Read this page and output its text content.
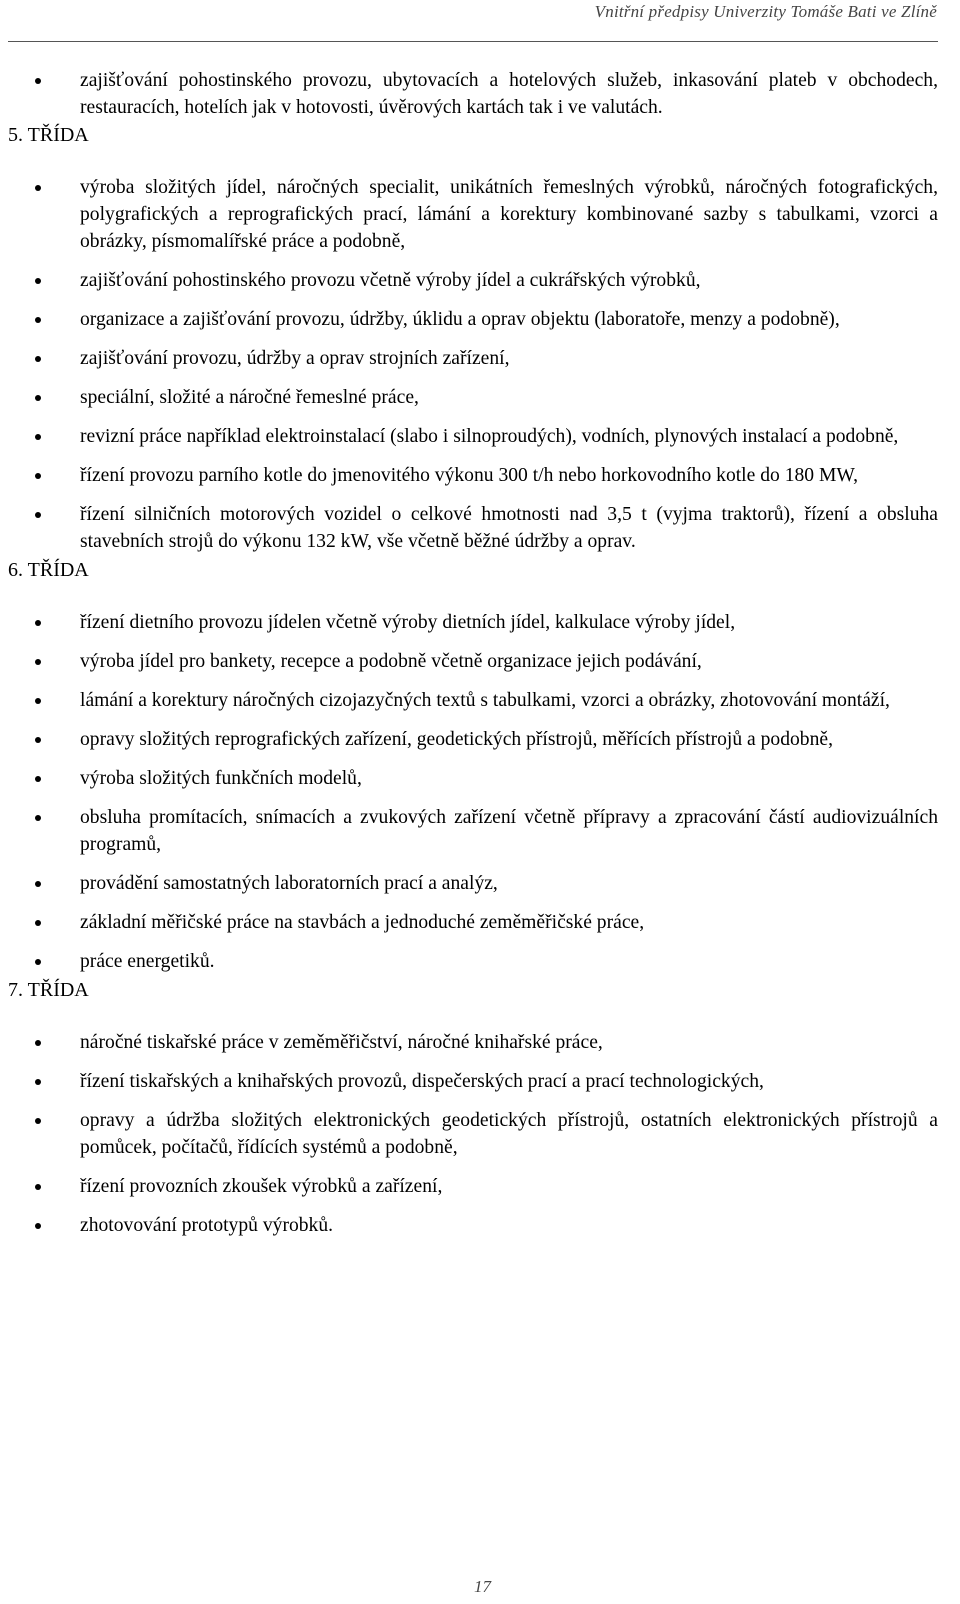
Vnitřní předpisy Univerzity Tomáše Bati ve Zlíně
zajišťování pohostinského provozu, ubytovacích a hotelových služeb, inkasování plateb v obchodech, restauracích, hotelích jak v hotovosti, úvěrových kartách tak i ve valutách.
5. TŘÍDA
výroba složitých jídel, náročných specialit, unikátních řemeslných výrobků, náročných fotografických, polygrafických a reprografických prací, lámání a korektury kombinované sazby s tabulkami, vzorci a obrázky, písmomalířské práce a podobně,
zajišťování pohostinského provozu včetně výroby jídel a cukrářských výrobků,
organizace a zajišťování provozu, údržby, úklidu a oprav objektu (laboratoře, menzy a podobně),
zajišťování provozu, údržby a oprav strojních zařízení,
speciální, složité a náročné řemeslné práce,
revizní práce například elektroinstalací (slabo i silnoproudých), vodních, plynových instalací a podobně,
řízení provozu parního kotle do jmenovitého výkonu 300 t/h nebo horkovodního kotle do 180 MW,
řízení silničních motorových vozidel o celkové hmotnosti nad 3,5 t (vyjma traktorů), řízení a obsluha stavebních strojů do výkonu 132 kW, vše včetně běžné údržby a oprav.
6. TŘÍDA
řízení dietního provozu jídelen včetně výroby dietních jídel, kalkulace výroby jídel,
výroba jídel pro bankety, recepce a podobně včetně organizace jejich podávání,
lámání a korektury náročných cizojazyčných textů s tabulkami, vzorci a obrázky, zhotovování montáží,
opravy složitých reprografických zařízení, geodetických přístrojů, měřících přístrojů a podobně,
výroba složitých funkčních modelů,
obsluha promítacích, snímacích a zvukových zařízení včetně přípravy a zpracování částí audiovizuálních programů,
provádění samostatných laboratorních prací a analýz,
základní měřičské práce na stavbách a jednoduché zeměměřičské práce,
práce energetiků.
7. TŘÍDA
náročné tiskařské práce v zeměměřičství, náročné knihařské práce,
řízení tiskařských a knihařských provozů, dispečerských prací a prací technologických,
opravy a údržba složitých elektronických geodetických přístrojů, ostatních elektronických přístrojů a pomůcek, počítačů, řídících systémů a podobně,
řízení provozních zkoušek výrobků a zařízení,
zhotovování prototypů výrobků.
17
